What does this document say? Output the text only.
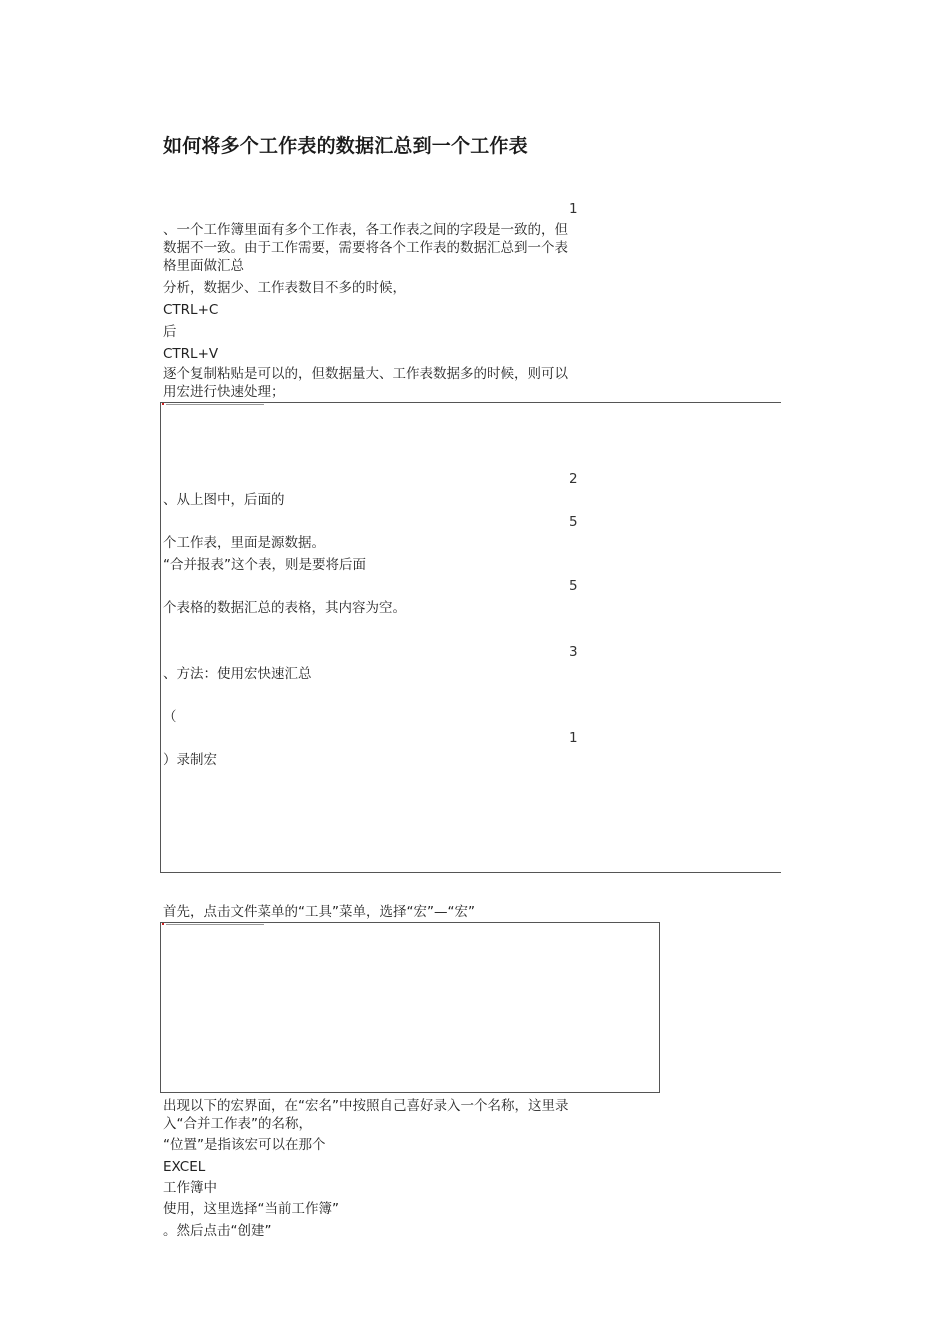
如何将多个工作表的数据汇总到一个工作表
1

、一个工作簿里面有多个工作表，各工作表之间的字段是一致的，但数据不一致。由于工作需要，需要将各个工作表的数据汇总到一个表格里面做汇总

分析，数据少、工作表数目不多的时候，

CTRL+C

后

CTRL+V

逐个复制粘贴是可以的，但数据量大、工作表数据多的时候，则可以用宏进行快速处理；

2

、从上图中，后面的

5

个工作表，里面是源数据。

“合并报表”这个表，则是要将后面

5

个表格的数据汇总的表格，其内容为空。

3

、方法：使用宏快速汇总

（

1

）录制宏

首先，点击文件菜单的“工具”菜单，选择“宏”—“宏”

出现以下的宏界面，在“宏名”中按照自己喜好录入一个名称，这里录入“合并工作表”的名称，

“位置”是指该宏可以在那个

EXCEL

工作簿中

使用，这里选择“当前工作簿”

。然后点击“创建”
